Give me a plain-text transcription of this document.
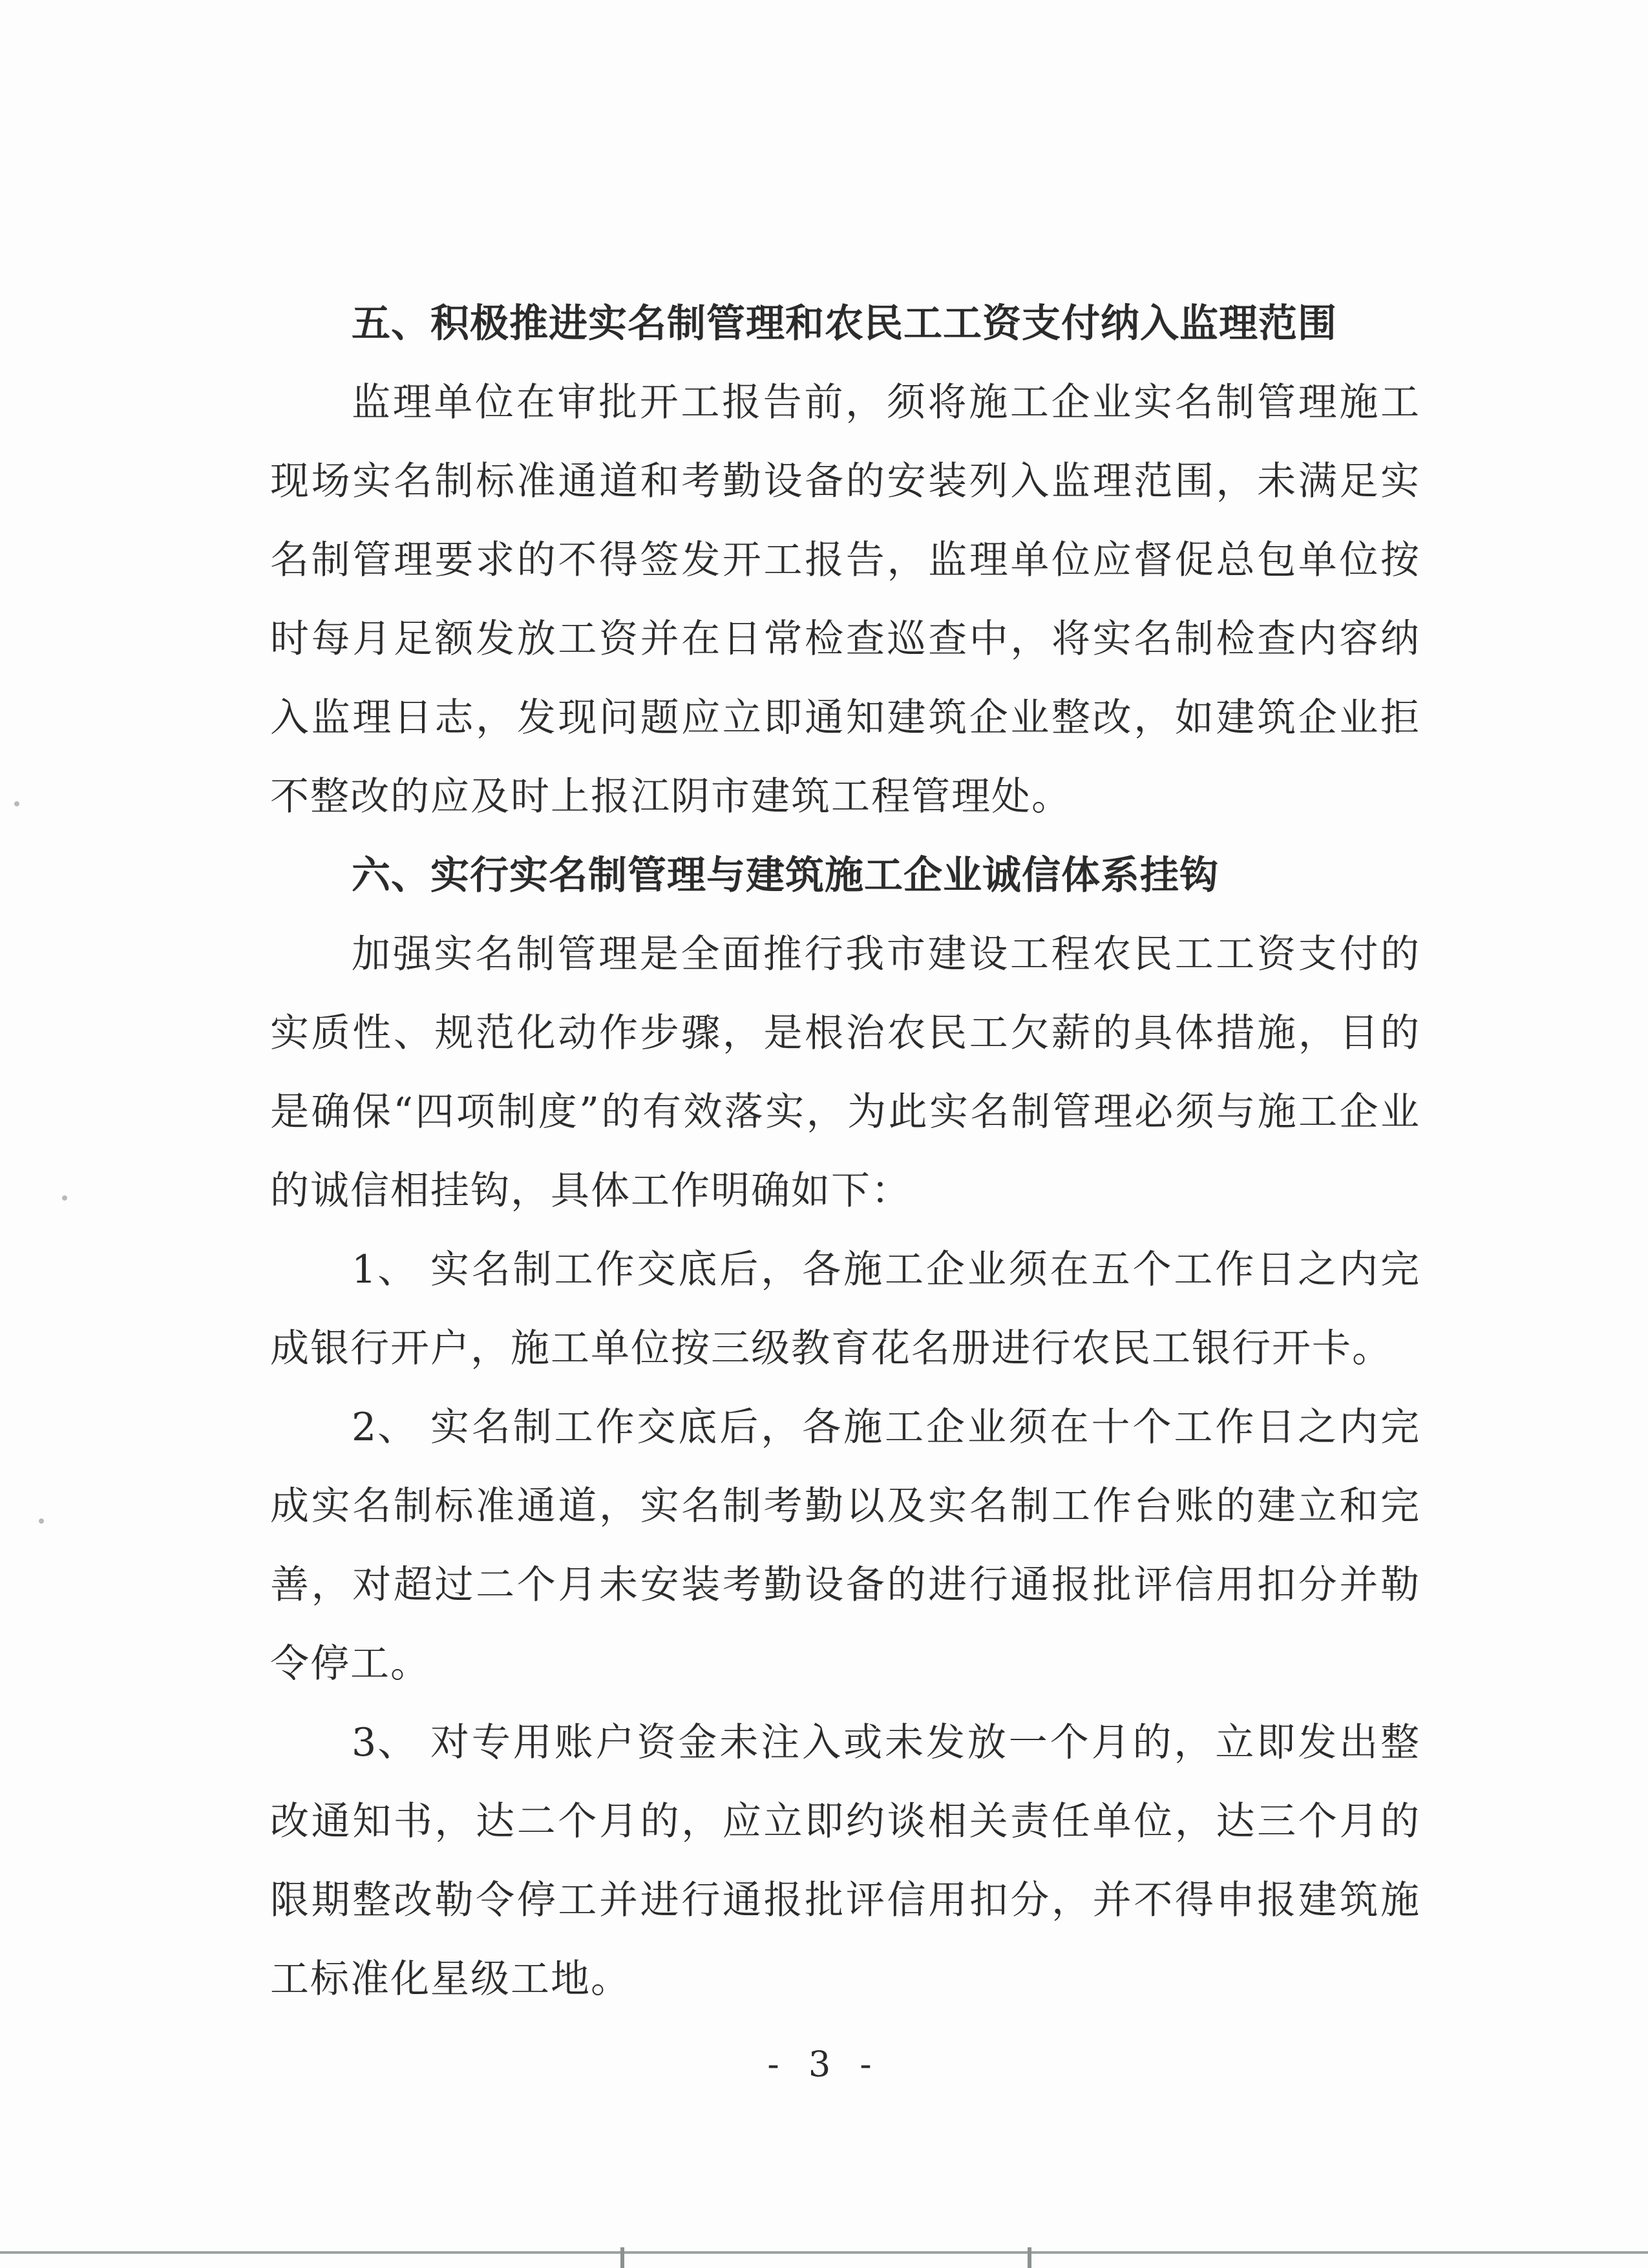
五、积极推进实名制管理和农民工工资支付纳入监理范围

监理单位在审批开工报告前，须将施工企业实名制管理施工现场实名制标准通道和考勤设备的安装列入监理范围，未满足实名制管理要求的不得签发开工报告，监理单位应督促总包单位按时每月足额发放工资并在日常检查巡查中，将实名制检查内容纳入监理日志，发现问题应立即通知建筑企业整改，如建筑企业拒不整改的应及时上报江阴市建筑工程管理处。

六、实行实名制管理与建筑施工企业诚信体系挂钩

加强实名制管理是全面推行我市建设工程农民工工资支付的实质性、规范化动作步骤，是根治农民工欠薪的具体措施，目的是确保“四项制度”的有效落实，为此实名制管理必须与施工企业的诚信相挂钩，具体工作明确如下：

1、 实名制工作交底后，各施工企业须在五个工作日之内完成银行开户，施工单位按三级教育花名册进行农民工银行开卡。

2、 实名制工作交底后，各施工企业须在十个工作日之内完成实名制标准通道，实名制考勤以及实名制工作台账的建立和完善，对超过二个月未安装考勤设备的进行通报批评信用扣分并勒令停工。

3、 对专用账户资金未注入或未发放一个月的，立即发出整改通知书，达二个月的，应立即约谈相关责任单位，达三个月的限期整改勒令停工并进行通报批评信用扣分，并不得申报建筑施工标准化星级工地。

- 3 -
